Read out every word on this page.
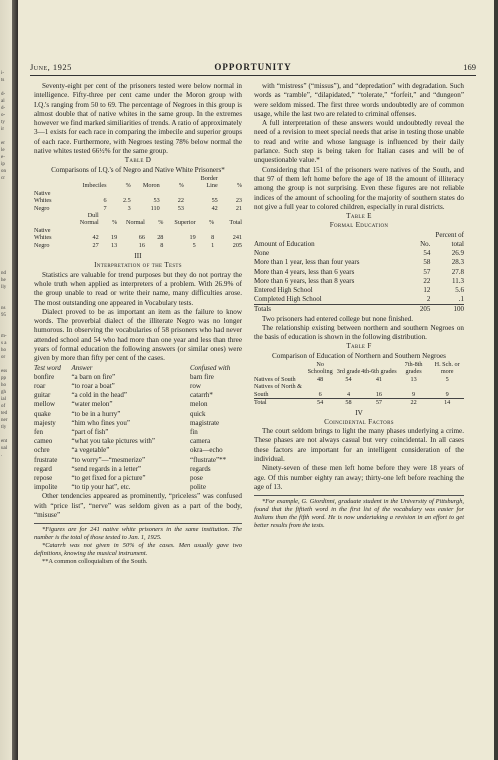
i-
ts

d-
al
d-
o-
ty
ir

er
le
e-
ip
on
cr
nd
he
lly

ns
95

m-
s a
ho
or

ess
pp
ho
gh
ial
of
ted
ner
tly

ent
ual
.
June, 1925	OPPORTUNITY	169

Seventy-eight per cent of the prisoners tested were below normal in intelligence. Fifty-three per cent came under the Moron group with I.Q.'s ranging from 50 to 69. The percentage of Negroes in this group is almost double that of native whites in the same group. In the extremes however we find marked similiarities of trends. A ratio of approximately 3—1 exists for each race in comparing the imbecile and superior groups of each race. Furthermore, with Negroes testing 78% below normal the native whites tested 66½% for the same group.

Table D
Comparisons of I.Q.'s of Negro and Native White Prisoners*
					Border	
	Imbeciles	%	Moron	%	Line	%
Native						
Whites	6	2.5	53	22	55	23
Negro	7	3	110	53	42	21
	Dull						
	Normal	%	Normal	%	Superior	%	Total
Native							
Whites	42	19	66	28	19	8	241
Negro	27	13	16	8	5	1	205
III
Interpretation of the Tests

Statistics are valuable for trend purposes but they do not portray the whole truth when applied as interpreters of a problem. With 26.9% of the group unable to read or write their name, many difficulties arose. The most outstanding one appeared in Vocabulary tests.

Dialect proved to be as important an item as the failure to know words. The proverbial dialect of the illiterate Negro was no longer humorous. In observing the vocabularies of 58 prisoners who had never attended school and 54 who had more than one year and less than three years of formal education the following answers (or similar ones) were given by more than fifty per cent of the cases.

Test word	Answer	Confused with
bonfire	“a barn on fire”	barn fire
roar	“to roar a boat”	row
guitar	“a cold in the head”	catarrh*
mellow	“water melon”	melon
quake	“to be in a hurry”	quick
majesty	“him who fines you”	magistrate
fen	“part of fish”	fin
cameo	“what you take pictures with”	camera
ochre	“a vegetable”	okra—echo
frustrate	“to worry”—“mesmerize”	“flustrate”**
regard	“send regards in a letter”	regards
repose	“to get fixed for a picture”	pose
impolite	“to tip your hat”, etc.	polite

Other tendencies appeared as prominently, “priceless” was confused with “price list”, “nerve” was seldom given as a part of the body, “misuse”

*Figures are for 241 native white prisoners in the same institution. The number is the total of those tested to Jan. 1, 1925.

*Catarrh was not given in 50% of the cases. Men usually gave two definitions, knowing the musical instrument.

**A common colloquialism of the South.

with “mistress” (“missus”), and “depredation” with degradation. Such words as “ramble”, “dilapidated,” “tolerate,” “forfeit,” and “dungeon” were seldom missed. The first three words undoubtedly are of common usage, while the last two are related to criminal offenses.

A full interpretation of these answers would undoubtedly reveal the need of a revision to meet special needs that arise in testing those unable to read and write and whose language is influenced by their daily parlance. Such step is being taken for Italian cases and will be of unquestionable value.*

Considering that 151 of the prisoners were natives of the South, and that 97 of them left home before the age of 18 the amount of illiteracy among the group is not surprising. Even these figures are not reliable indices of the amount of schooling for the majority of southern states do not give a full year to colored children, especially in rural districts.

Table E
Formal Education
Amount of Education	No.	Percent of total
None	54	26.9
More than 1 year, less than four years	58	28.3
More than 4 years, less than 6 years	57	27.8
More than 6 years, less than 8 years	22	11.3
Entered High School	12	5.6
Completed High School	2	.1
Totals	205	100

Two prisoners had entered college but none finished.

The relationship existing between northern and southern Negroes on the basis of education is shown in the following distribution.

Table F
Comparison of Education of Northern and Southern Negroes
	No Schooling	3rd grade	4th-6th grades	7th-8th grades	H. Sch. or more
Natives of South	48	54	41	13	5
Natives of North & South	6	4	16	9	9
Total	54	58	57	22	14
IV
Coincidental Factors

The court seldom brings to light the many phases underlying a crime. These phases are not always casual but very coincidental. In all cases these factors are important for an intelligent consideration of the individual.

Ninety-seven of these men left home before they were 18 years of age. Of this number eighty ran away; thirty-one left before reaching the age of 13.

*For example, G. Giordinni, graduate student in the University of Pittsburgh, found that the fiftieth word in the first list of the vocabulary was easier for Italians than the fifth word. He is now undertaking a revision in an effort to get better results from the tests.
